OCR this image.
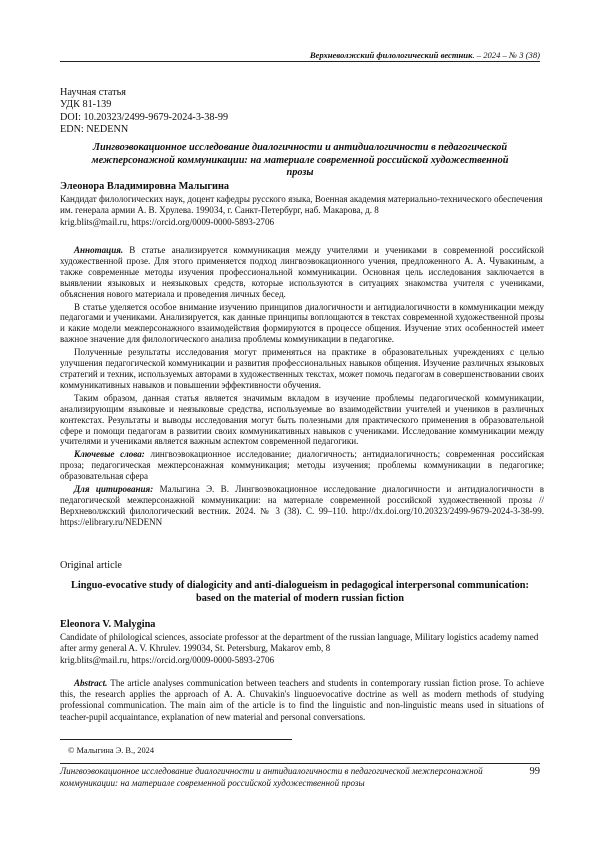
Верхневолжский филологический вестник. – 2024 – № 3 (38)
Научная статья
УДК 81-139
DOI: 10.20323/2499-9679-2024-3-38-99
EDN: NEDENN
Лингвоэвокационное исследование диалогичности и антидиалогичности в педагогической межперсонажной коммуникации: на материале современной российской художественной прозы
Элеонора Владимировна Малыгина
Кандидат филологических наук, доцент кафедры русского языка, Военная академия материально-технического обеспечения им. генерала армии А. В. Хрулева. 199034, г. Санкт-Петербург, наб. Макарова, д. 8
krig.blits@mail.ru, https://orcid.org/0009-0000-5893-2706

Аннотация. В статье анализируется коммуникация между учителями и учениками в современной российской художественной прозе. Для этого применяется подход лингвоэвокационного учения, предложенного А. А. Чувакиным, а также современные методы изучения профессиональной коммуникации. Основная цель исследования заключается в выявлении языковых и неязыковых средств, которые используются в ситуациях знакомства учителя с учениками, объяснения нового материала и проведения личных бесед.

В статье уделяется особое внимание изучению принципов диалогичности и антидиалогичности в коммуникации между педагогами и учениками. Анализируется, как данные принципы воплощаются в текстах современной художественной прозы и какие модели межперсонажного взаимодействия формируются в процессе общения. Изучение этих особенностей имеет важное значение для филологического анализа проблемы коммуникации в педагогике.

Полученные результаты исследования могут применяться на практике в образовательных учреждениях с целью улучшения педагогической коммуникации и развития профессиональных навыков общения. Изучение различных языковых стратегий и техник, используемых авторами в художественных текстах, может помочь педагогам в совершенствовании своих коммуникативных навыков и повышении эффективности обучения.

Таким образом, данная статья является значимым вкладом в изучение проблемы педагогической коммуникации, анализирующим языковые и неязыковые средства, используемые во взаимодействии учителей и учеников в различных контекстах. Результаты и выводы исследования могут быть полезными для практического применения в образовательной сфере и помощи педагогам в развитии своих коммуникативных навыков с учениками. Исследование коммуникации между учителями и учениками является важным аспектом современной педагогики.

Ключевые слова: лингвоэвокационное исследование; диалогичность; антидиалогичность; современная российская проза; педагогическая межперсонажная коммуникация; методы изучения; проблемы коммуникации в педагогике; образовательная сфера

Для цитирования: Малыгина Э. В. Лингвоэвокационное исследование диалогичности и антидиалогичности в педагогической межперсонажной коммуникации: на материале современной российской художественной прозы // Верхневолжский филологический вестник. 2024. № 3 (38). С. 99–110. http://dx.doi.org/10.20323/2499-9679-2024-3-38-99. https://elibrary.ru/NEDENN

Original article
Linguo-evocative study of dialogicity and anti-dialogueism in pedagogical interpersonal communication: based on the material of modern russian fiction
Eleonora V. Malygina
Candidate of philological sciences, associate professor at the department of the russian language, Military logistics academy named after army general A. V. Khrulev. 199034, St. Petersburg, Makarov emb, 8
krig.blits@mail.ru, https://orcid.org/0009-0000-5893-2706

Abstract. The article analyses communication between teachers and students in contemporary russian fiction prose. To achieve this, the research applies the approach of A. A. Chuvakin's linguoevocative doctrine as well as modern methods of studying professional communication. The main aim of the article is to find the linguistic and non-linguistic means used in situations of teacher-pupil acquaintance, explanation of new material and personal conversations.

© Малыгина Э. В., 2024
Лингвоэвокационное исследование диалогичности и антидиалогичности в педагогической межперсонажной коммуникации: на материале современной российской художественной прозы
99
